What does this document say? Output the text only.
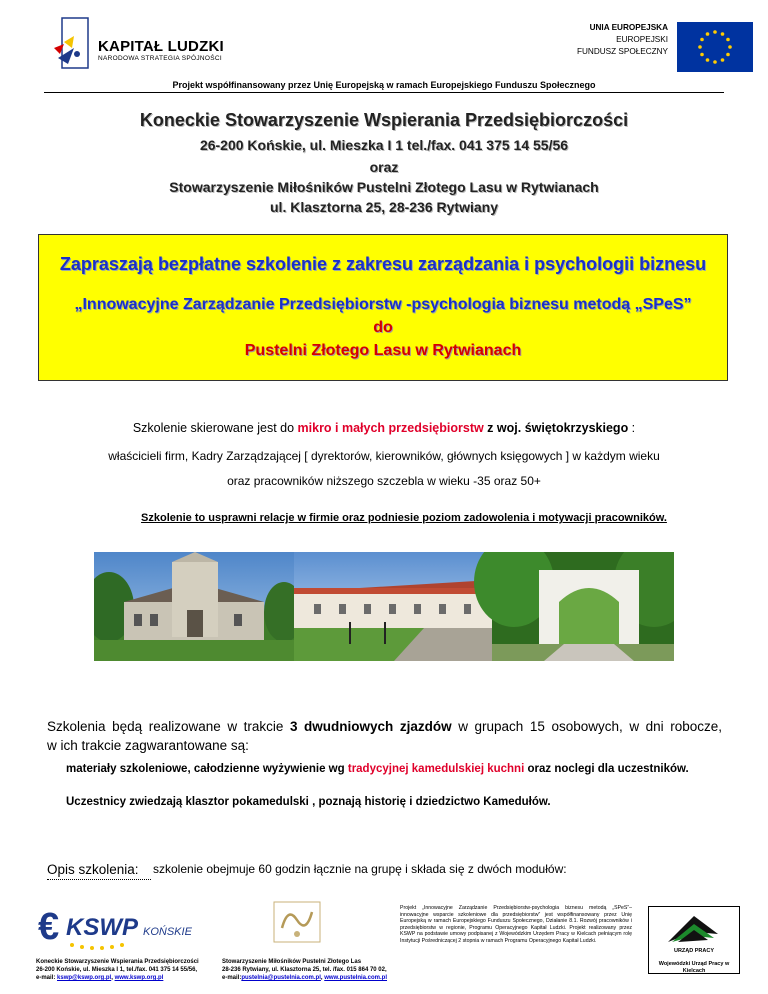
KAPITAŁ LUDZKI
NARODOWA STRATEGIA SPÓJNOŚCI
UNIA EUROPEJSKA
EUROPEJSKI
FUNDUSZ SPOŁECZNY
Projekt współfinansowany przez Unię Europejską w ramach Europejskiego Funduszu Społecznego
Koneckie Stowarzyszenie Wspierania Przedsiębiorczości
26-200 Końskie, ul. Mieszka I 1 tel./fax. 041 375 14 55/56
oraz
Stowarzyszenie Miłośników Pustelni Złotego Lasu w Rytwianach
ul. Klasztorna 25, 28-236 Rytwiany
Zapraszają bezpłatne szkolenie z zakresu zarządzania i psychologii biznesu
„Innowacyjne Zarządzanie Przedsiębiorstw -psychologia biznesu metodą „SPeS”
do
Pustelni Złotego Lasu w Rytwianach
Szkolenie skierowane jest do mikro i małych przedsiębiorstw z woj. świętokrzyskiego :
właścicieli firm, Kadry Zarządzającej [ dyrektorów, kierowników, głównych księgowych ] w każdym wieku
oraz pracowników niższego szczebla w wieku -35 oraz 50+
Szkolenie to usprawni relacje w firmie oraz podniesie poziom zadowolenia i motywacji pracowników.
Szkolenia będą realizowane w trakcie 3 dwudniowych zjazdów w grupach 15 osobowych, w dni robocze,
w ich trakcie zagwarantowane są:
materiały szkoleniowe, całodzienne wyżywienie wg tradycyjnej kamedulskiej kuchni oraz noclegi dla uczestników.
Uczestnicy zwiedzają klasztor pokamedulski , poznają historię i dziedzictwo Kamedułów.
Opis szkolenia: szkolenie obejmuje 60 godzin łącznie na grupę i składa się z dwóch modułów:
€ KSWP KOŃSKIE
Koneckie Stowarzyszenie Wspierania Przedsiębiorczości
26-200 Końskie, ul. Mieszka I 1, tel./fax. 041 375 14 55/56,
e-mail: kswp@kswp.org.pl, www.kswp.org.pl
Stowarzyszenie Miłośników Pustelni Złotego Las
28-236 Rytwiany, ul. Klasztorna 25, tel. /fax. 015 864 70 02,
e-mail:pustelnia@pustelnia.com.pl, www.pustelnia.com.pl
Projekt „Innowacyjne Zarządzanie Przedsiębiorstw-psychologia biznesu metodą „SPeS”– innowacyjne wsparcie szkoleniowe dla przedsiębiorstw” jest współfinansowany przez Unię Europejską w ramach Europejskiego Funduszu Społecznego, Działanie 8.1. Rozwój pracowników i przedsiębiorstw w regionie, Programu Operacyjnego Kapitał Ludzki. Projekt realizowany przez KSWP na podstawie umowy podpisanej z Wojewódzkim Urzędem Pracy w Kielcach pełniącym rolę Instytucji Pośredniczącej 2 stopnia w ramach Programu Operacyjnego Kapitał Ludzki.
URZĄD PRACY
Wojewódzki Urząd Pracy w Kielcach
